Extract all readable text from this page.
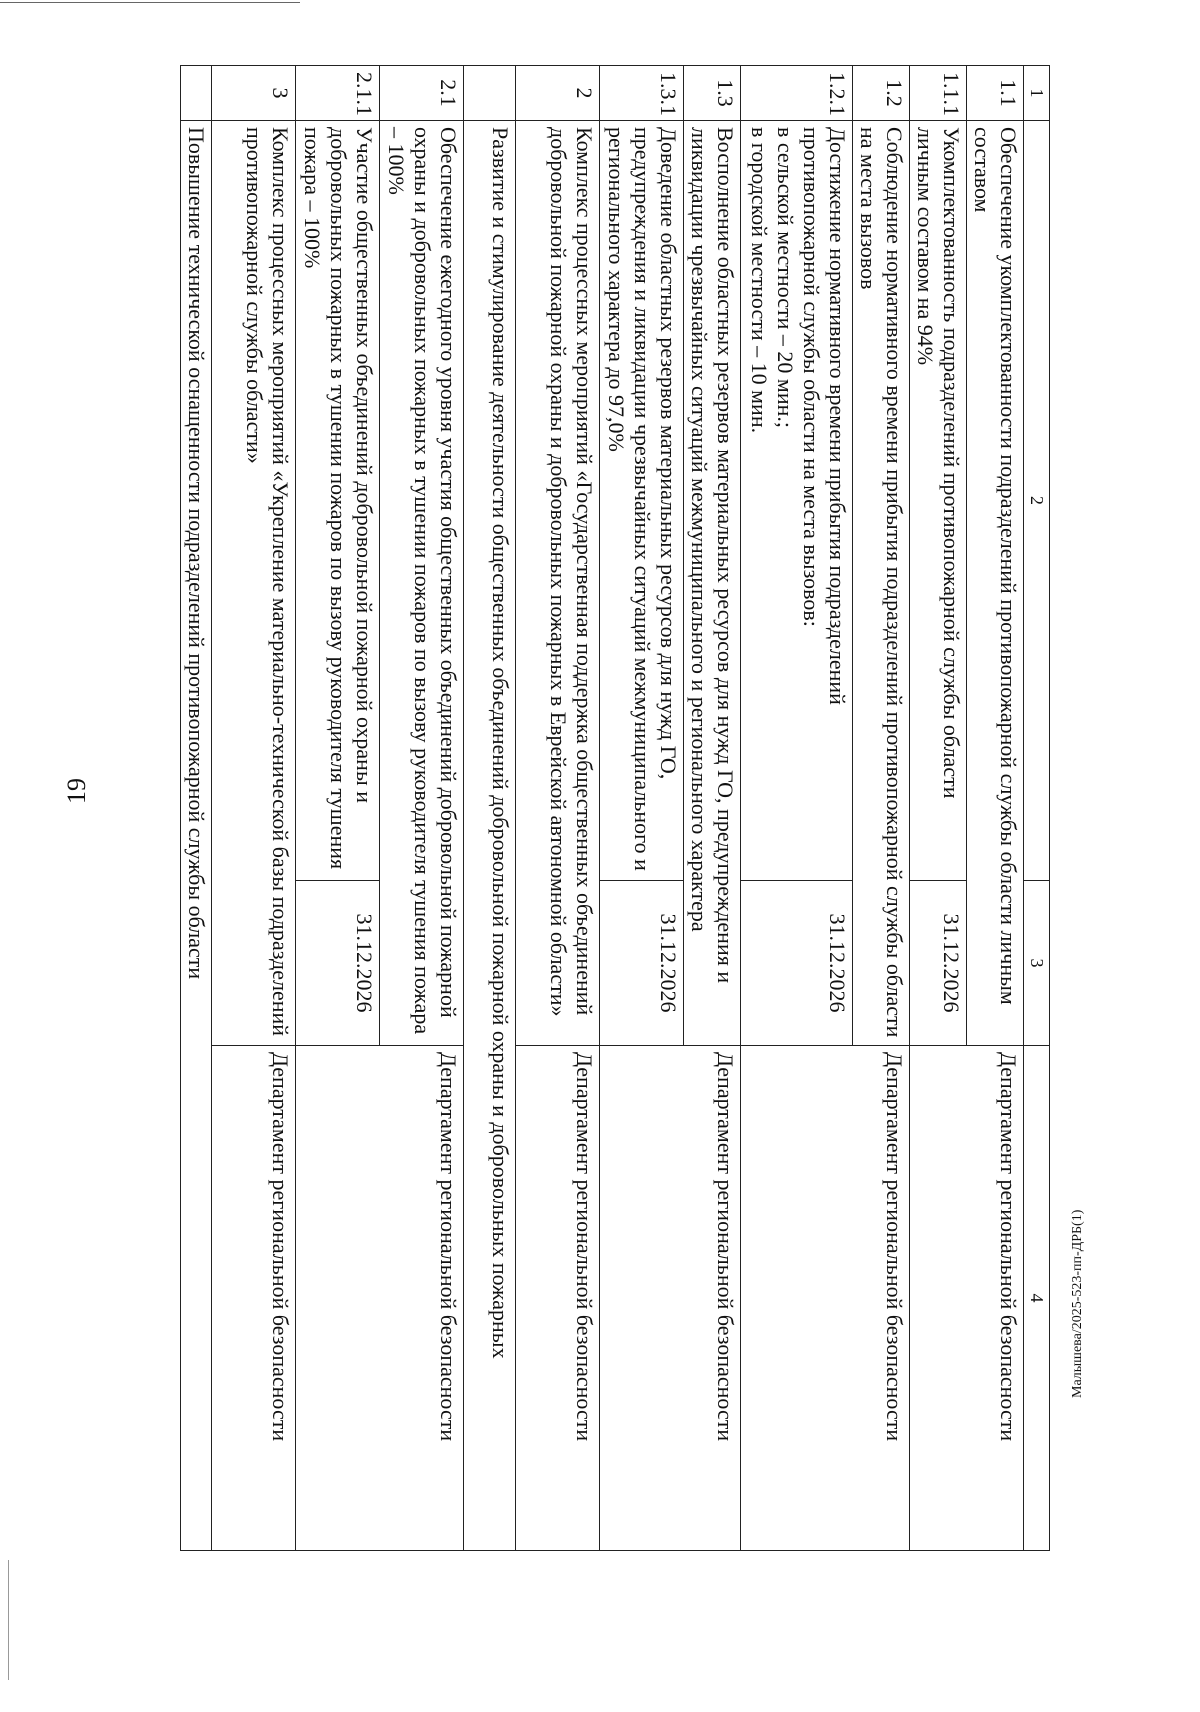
19
1	2	3	4
1.1	Обеспечение укомплектованности подразделений противопожарной службы области личным составом		Департамент региональной безопасности
1.1.1	Укомплектованность подразделений противопожарной службы области личным составом на 94%	31.12.2026	
1.2	Соблюдение нормативного времени прибытия подразделений противопожарной службы области на места вызовов		Департамент региональной безопасности
1.2.1	Достижение нормативного времени прибытия подразделений противопожарной службы области на места вызовов:
в сельской местности – 20 мин.;
в городской местности – 10 мин.	31.12.2026	
1.3	Восполнение областных резервов материальных ресурсов для нужд ГО, предупреждения и ликвидации чрезвычайных ситуаций межмуниципального и регионального характера		Департамент региональной безопасности
1.3.1	Доведение областных резервов материальных ресурсов для нужд ГО, предупреждения и ликвидации чрезвычайных ситуаций межмуниципального и регионального характера до 97,0%	31.12.2026	
2	Комплекс процессных мероприятий «Государственная поддержка общественных объединений добровольной пожарной охраны и добровольных пожарных в Еврейской автономной области»		Департамент региональной безопасности
	Развитие и стимулирование деятельности общественных объединений добровольной пожарной охраны и добровольных пожарных		
2.1	Обеспечение ежегодного уровня участия общественных объединений добровольной пожарной охраны и добровольных пожарных в тушении пожаров по вызову руководителя тушения пожара – 100%		Департамент региональной безопасности
2.1.1	Участие общественных объединений добровольной пожарной охраны и добровольных пожарных в тушении пожаров по вызову руководителя тушения пожара – 100%	31.12.2026	
3	Комплекс процессных мероприятий «Укрепление материально-технической базы подразделений противопожарной службы области»		Департамент региональной безопасности
	Повышение технической оснащенности подразделений противопожарной службы области		
Малышева/2025-523-пп-ДРБ(1)
